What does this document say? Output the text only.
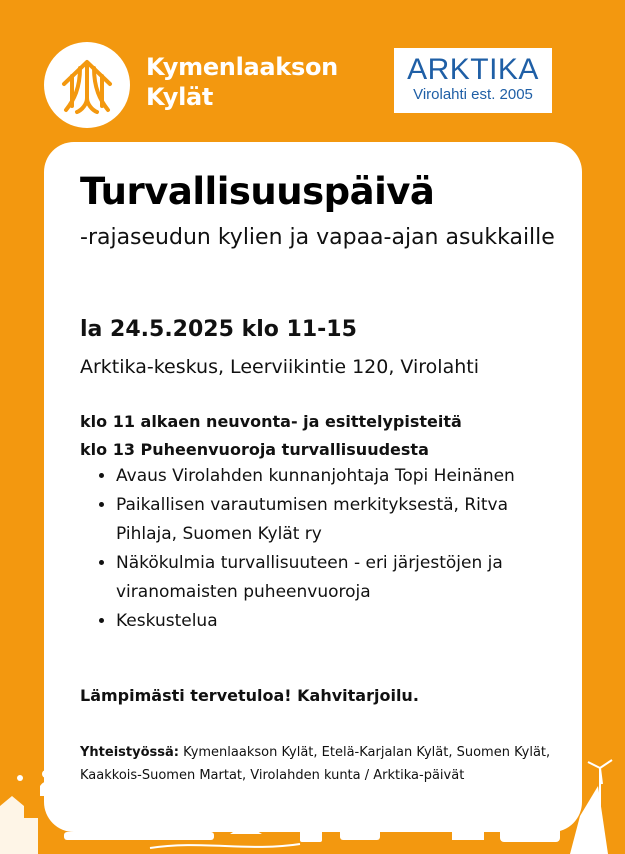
Kymenlaakson
Kylät
ARKTIKA
Virolahti est. 2005
Turvallisuuspäivä
-rajaseudun kylien ja vapaa-ajan asukkaille
la 24.5.2025 klo 11-15
Arktika-keskus, Leerviikintie 120, Virolahti
klo 11 alkaen neuvonta- ja esittelypisteitä
klo 13 Puheenvuoroja turvallisuudesta
• Avaus Virolahden kunnanjohtaja Topi Heinänen
• Paikallisen varautumisen merkityksestä, Ritva Pihlaja, Suomen Kylät ry
• Näkökulmia turvallisuuteen - eri järjestöjen ja viranomaisten puheenvuoroja
• Keskustelua
Lämpimästi tervetuloa! Kahvitarjoilu.
Yhteistyössä: Kymenlaakson Kylät, Etelä-Karjalan Kylät, Suomen Kylät, Kaakkois-Suomen Martat, Virolahden kunta / Arktika-päivät
